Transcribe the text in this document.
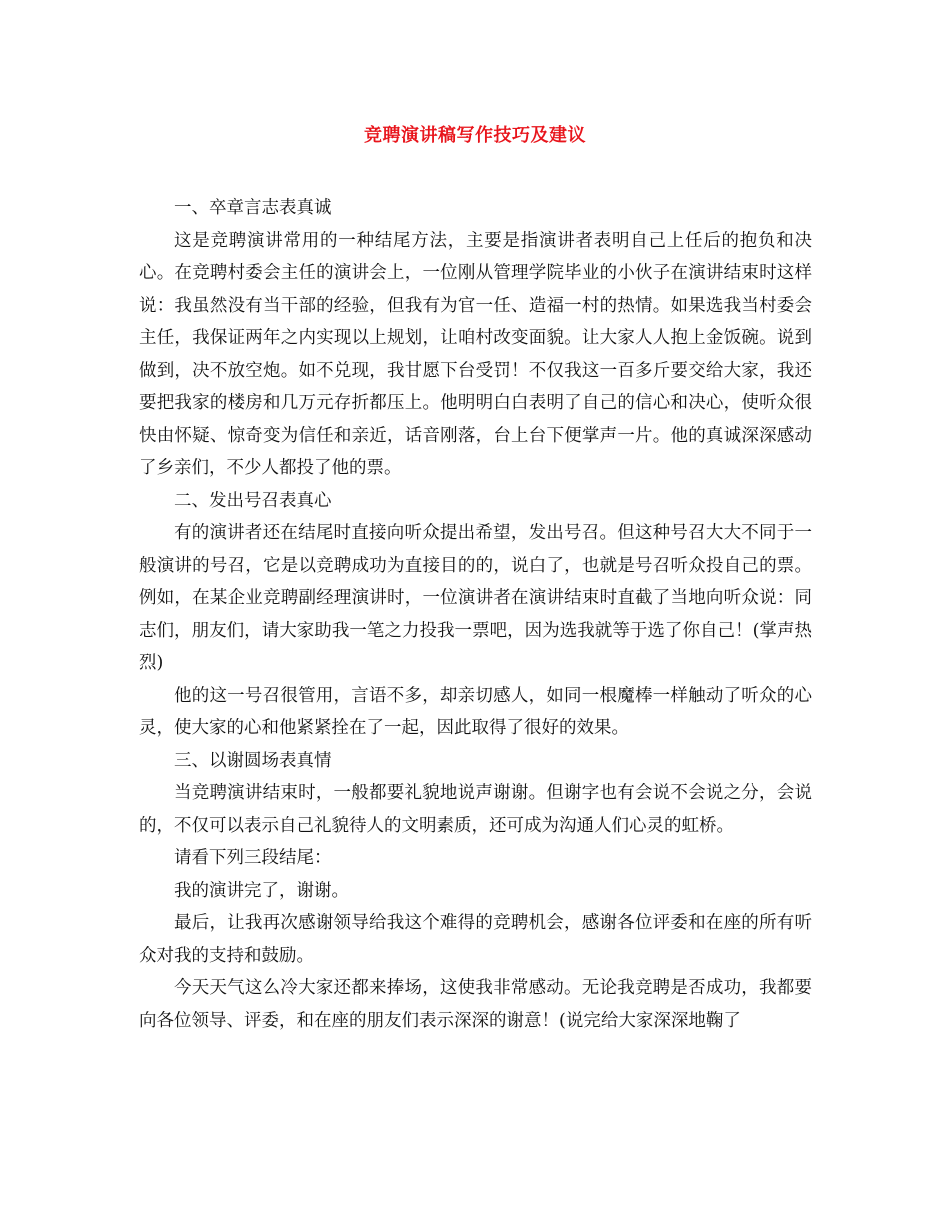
竞聘演讲稿写作技巧及建议

一、卒章言志表真诚

这是竞聘演讲常用的一种结尾方法，主要是指演讲者表明自己上任后的抱负和决心。在竞聘村委会主任的演讲会上，一位刚从管理学院毕业的小伙子在演讲结束时这样说：我虽然没有当干部的经验，但我有为官一任、造福一村的热情。如果选我当村委会主任，我保证两年之内实现以上规划，让咱村改变面貌。让大家人人抱上金饭碗。说到做到，决不放空炮。如不兑现，我甘愿下台受罚！不仅我这一百多斤要交给大家，我还要把我家的楼房和几万元存折都压上。他明明白白表明了自己的信心和决心，使听众很快由怀疑、惊奇变为信任和亲近，话音刚落，台上台下便掌声一片。他的真诚深深感动了乡亲们，不少人都投了他的票。

二、发出号召表真心

有的演讲者还在结尾时直接向听众提出希望，发出号召。但这种号召大大不同于一般演讲的号召，它是以竞聘成功为直接目的的，说白了，也就是号召听众投自己的票。例如，在某企业竞聘副经理演讲时，一位演讲者在演讲结束时直截了当地向听众说：同志们，朋友们，请大家助我一笔之力投我一票吧，因为选我就等于选了你自己！(掌声热烈)

他的这一号召很管用，言语不多，却亲切感人，如同一根魔棒一样触动了听众的心灵，使大家的心和他紧紧拴在了一起，因此取得了很好的效果。

三、以谢圆场表真情

当竞聘演讲结束时，一般都要礼貌地说声谢谢。但谢字也有会说不会说之分，会说的，不仅可以表示自己礼貌待人的文明素质，还可成为沟通人们心灵的虹桥。

请看下列三段结尾：

我的演讲完了，谢谢。

最后，让我再次感谢领导给我这个难得的竞聘机会，感谢各位评委和在座的所有听众对我的支持和鼓励。

今天天气这么冷大家还都来捧场，这使我非常感动。无论我竞聘是否成功，我都要向各位领导、评委，和在座的朋友们表示深深的谢意！(说完给大家深深地鞠了
